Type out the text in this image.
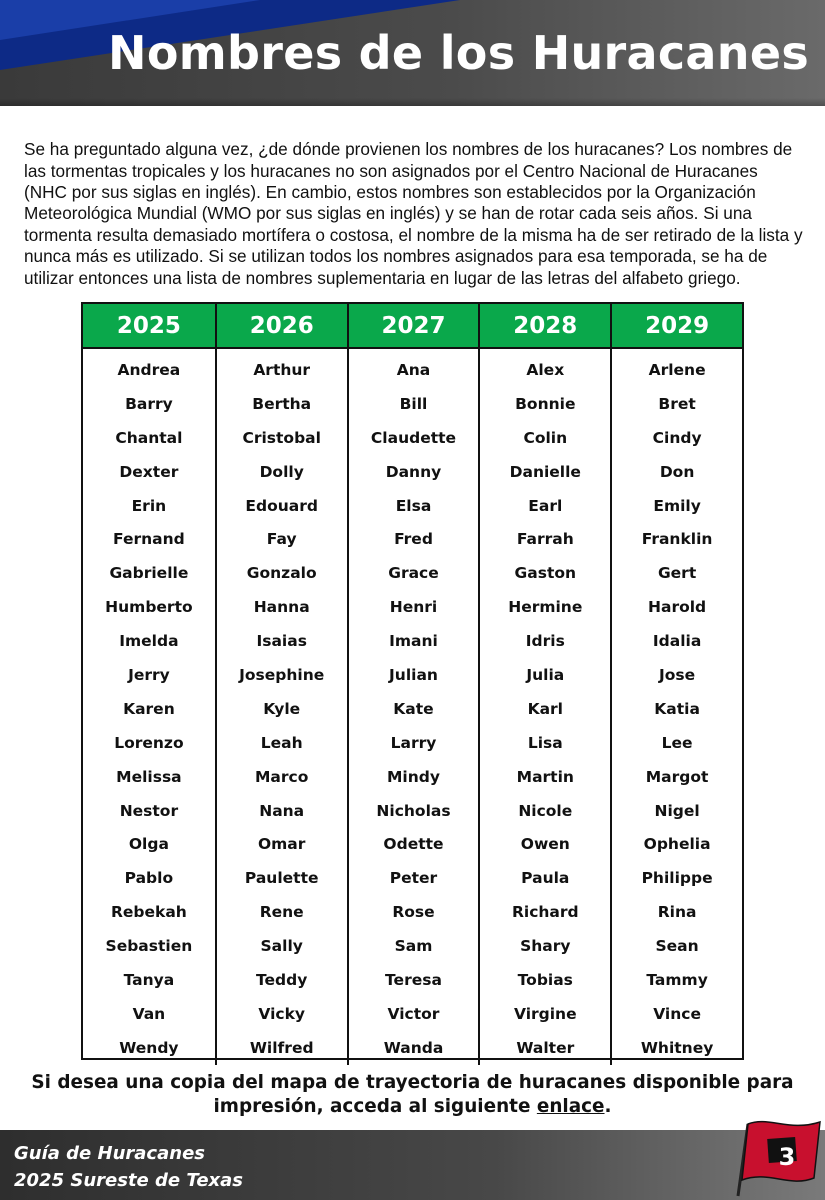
Nombres de los Huracanes

Se ha preguntado alguna vez, ¿de dónde provienen los nombres de los huracanes? Los nombres de las tormentas tropicales y los huracanes no son asignados por el Centro Nacional de Huracanes (NHC por sus siglas en inglés). En cambio, estos nombres son establecidos por la Organización Meteorológica Mundial (WMO por sus siglas en inglés) y se han de rotar cada seis años. Si una tormenta resulta demasiado mortífera o costosa, el nombre de la misma ha de ser retirado de la lista y nunca más es utilizado. Si se utilizan todos los nombres asignados para esa temporada, se ha de utilizar entonces una lista de nombres suplementaria en lugar de las letras del alfabeto griego.

2025
Andrea
Barry
Chantal
Dexter
Erin
Fernand
Gabrielle
Humberto
Imelda
Jerry
Karen
Lorenzo
Melissa
Nestor
Olga
Pablo
Rebekah
Sebastien
Tanya
Van
Wendy
2026
Arthur
Bertha
Cristobal
Dolly
Edouard
Fay
Gonzalo
Hanna
Isaias
Josephine
Kyle
Leah
Marco
Nana
Omar
Paulette
Rene
Sally
Teddy
Vicky
Wilfred
2027
Ana
Bill
Claudette
Danny
Elsa
Fred
Grace
Henri
Imani
Julian
Kate
Larry
Mindy
Nicholas
Odette
Peter
Rose
Sam
Teresa
Victor
Wanda
2028
Alex
Bonnie
Colin
Danielle
Earl
Farrah
Gaston
Hermine
Idris
Julia
Karl
Lisa
Martin
Nicole
Owen
Paula
Richard
Shary
Tobias
Virgine
Walter
2029
Arlene
Bret
Cindy
Don
Emily
Franklin
Gert
Harold
Idalia
Jose
Katia
Lee
Margot
Nigel
Ophelia
Philippe
Rina
Sean
Tammy
Vince
Whitney
Si desea una copia del mapa de trayectoria de huracanes disponible para impresión, acceda al siguiente enlace.
Guía de Huracanes
2025 Sureste de Texas
3
